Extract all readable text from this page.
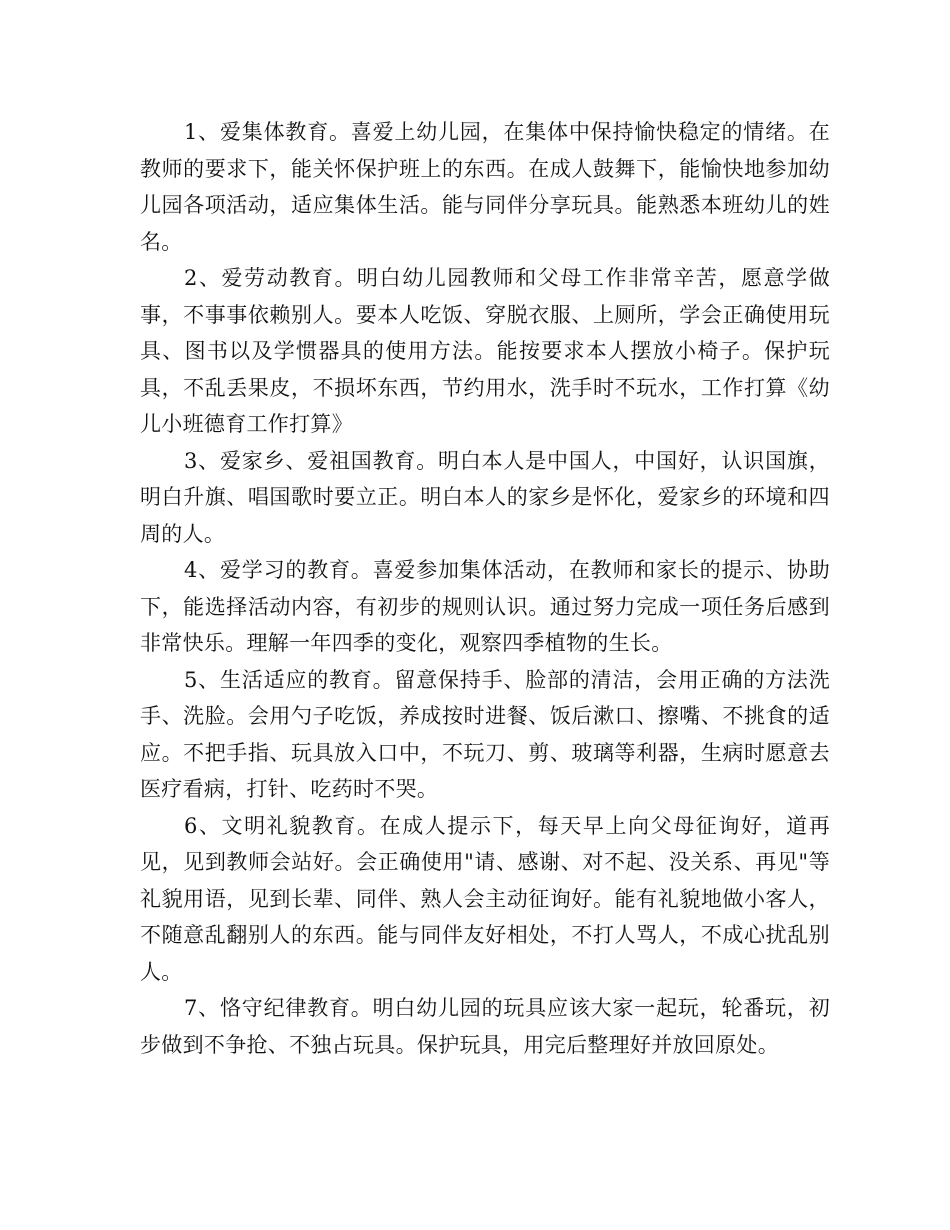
1、爱集体教育。喜爱上幼儿园，在集体中保持愉快稳定的情绪。在教师的要求下，能关怀保护班上的东西。在成人鼓舞下，能愉快地参加幼儿园各项活动，适应集体生活。能与同伴分享玩具。能熟悉本班幼儿的姓名。

2、爱劳动教育。明白幼儿园教师和父母工作非常辛苦，愿意学做事，不事事依赖别人。要本人吃饭、穿脱衣服、上厕所，学会正确使用玩具、图书以及学惯器具的使用方法。能按要求本人摆放小椅子。保护玩具，不乱丢果皮，不损坏东西，节约用水，洗手时不玩水，工作打算《幼儿小班德育工作打算》

3、爱家乡、爱祖国教育。明白本人是中国人，中国好，认识国旗，明白升旗、唱国歌时要立正。明白本人的家乡是怀化，爱家乡的环境和四周的人。

4、爱学习的教育。喜爱参加集体活动，在教师和家长的提示、协助下，能选择活动内容，有初步的规则认识。通过努力完成一项任务后感到非常快乐。理解一年四季的变化，观察四季植物的生长。

5、生活适应的教育。留意保持手、脸部的清洁，会用正确的方法洗手、洗脸。会用勺子吃饭，养成按时进餐、饭后漱口、擦嘴、不挑食的适应。不把手指、玩具放入口中，不玩刀、剪、玻璃等利器，生病时愿意去医疗看病，打针、吃药时不哭。

6、文明礼貌教育。在成人提示下，每天早上向父母征询好，道再见，见到教师会站好。会正确使用"请、感谢、对不起、没关系、再见"等礼貌用语，见到长辈、同伴、熟人会主动征询好。能有礼貌地做小客人，不随意乱翻别人的东西。能与同伴友好相处，不打人骂人，不成心扰乱别人。

7、恪守纪律教育。明白幼儿园的玩具应该大家一起玩，轮番玩，初步做到不争抢、不独占玩具。保护玩具，用完后整理好并放回原处。
